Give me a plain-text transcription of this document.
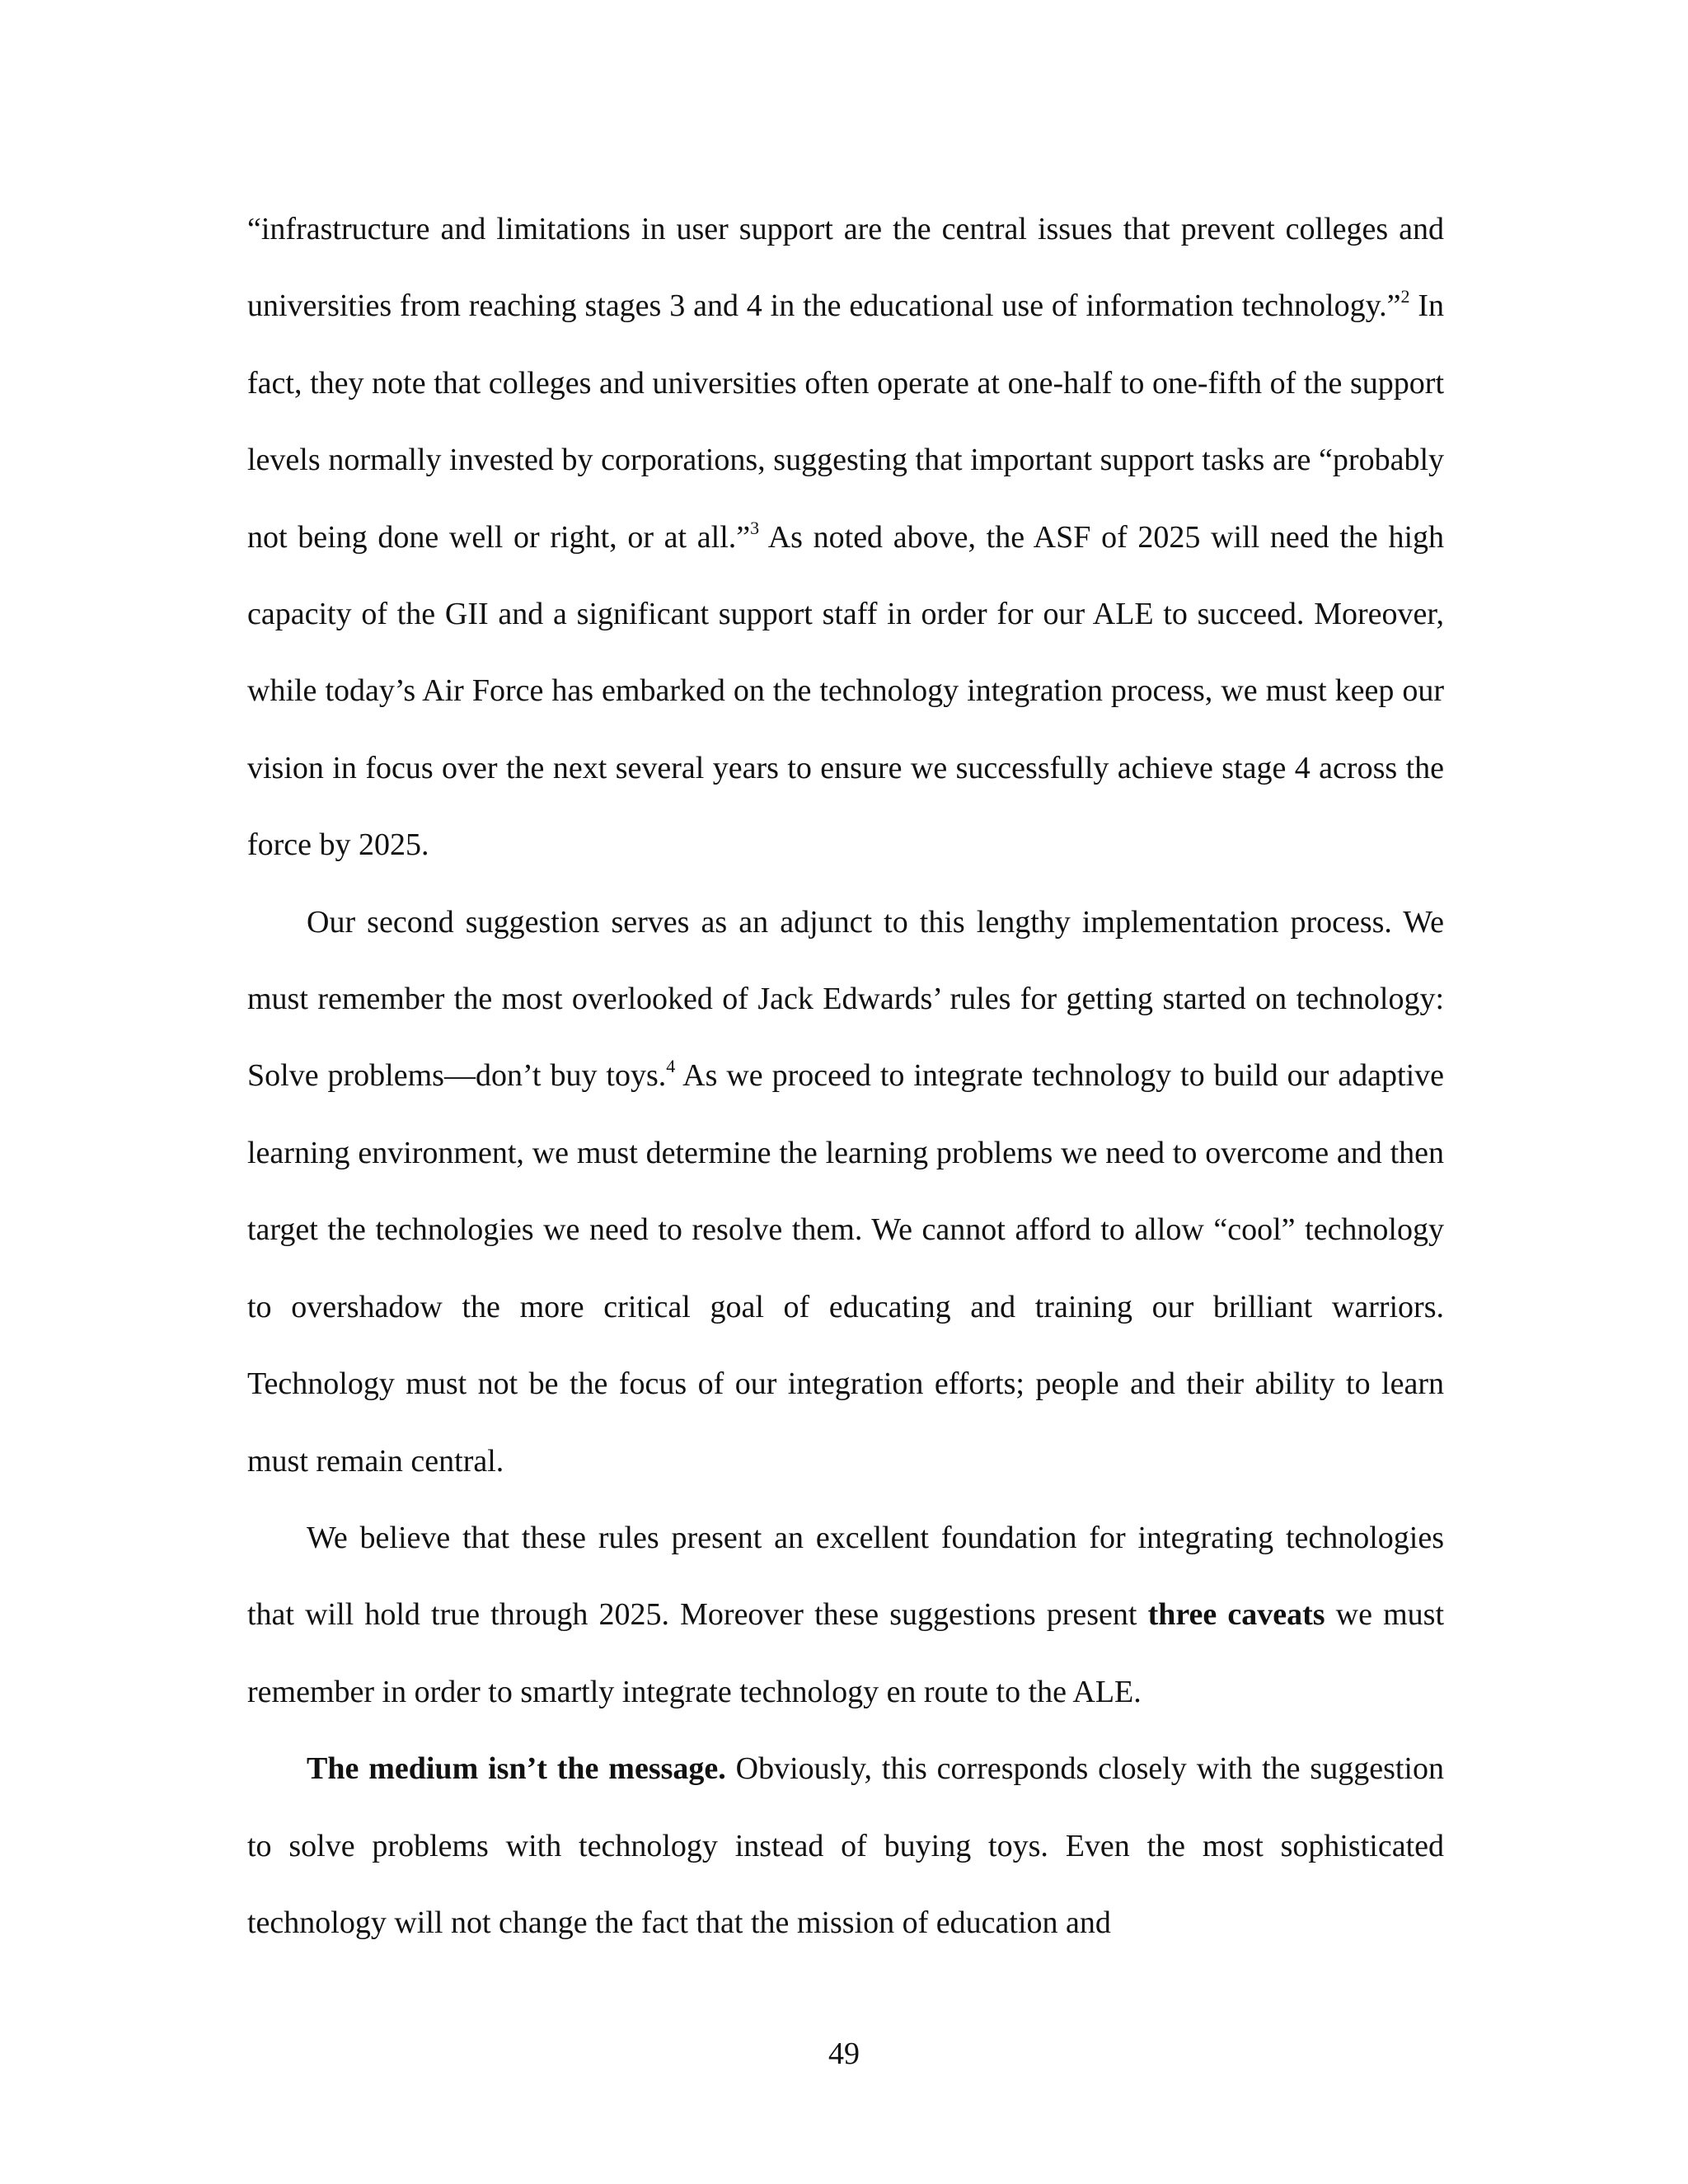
“infrastructure and limitations in user support are the central issues that prevent colleges and universities from reaching stages 3 and 4 in the educational use of information technology.”$^2$ In fact, they note that colleges and universities often operate at one-half to one-fifth of the support levels normally invested by corporations, suggesting that important support tasks are “probably not being done well or right, or at all.”$^3$ As noted above, the ASF of 2025 will need the high capacity of the GII and a significant support staff in order for our ALE to succeed. Moreover, while today’s Air Force has embarked on the technology integration process, we must keep our vision in focus over the next several years to ensure we successfully achieve stage 4 across the force by 2025.

Our second suggestion serves as an adjunct to this lengthy implementation process. We must remember the most overlooked of Jack Edwards’ rules for getting started on technology: Solve problems—don’t buy toys.$^4$ As we proceed to integrate technology to build our adaptive learning environment, we must determine the learning problems we need to overcome and then target the technologies we need to resolve them. We cannot afford to allow “cool” technology to overshadow the more critical goal of educating and training our brilliant warriors. Technology must not be the focus of our integration efforts; people and their ability to learn must remain central.

We believe that these rules present an excellent foundation for integrating technologies that will hold true through 2025. Moreover these suggestions present three caveats we must remember in order to smartly integrate technology en route to the ALE.

The medium isn’t the message. Obviously, this corresponds closely with the suggestion to solve problems with technology instead of buying toys. Even the most sophisticated technology will not change the fact that the mission of education and

49
